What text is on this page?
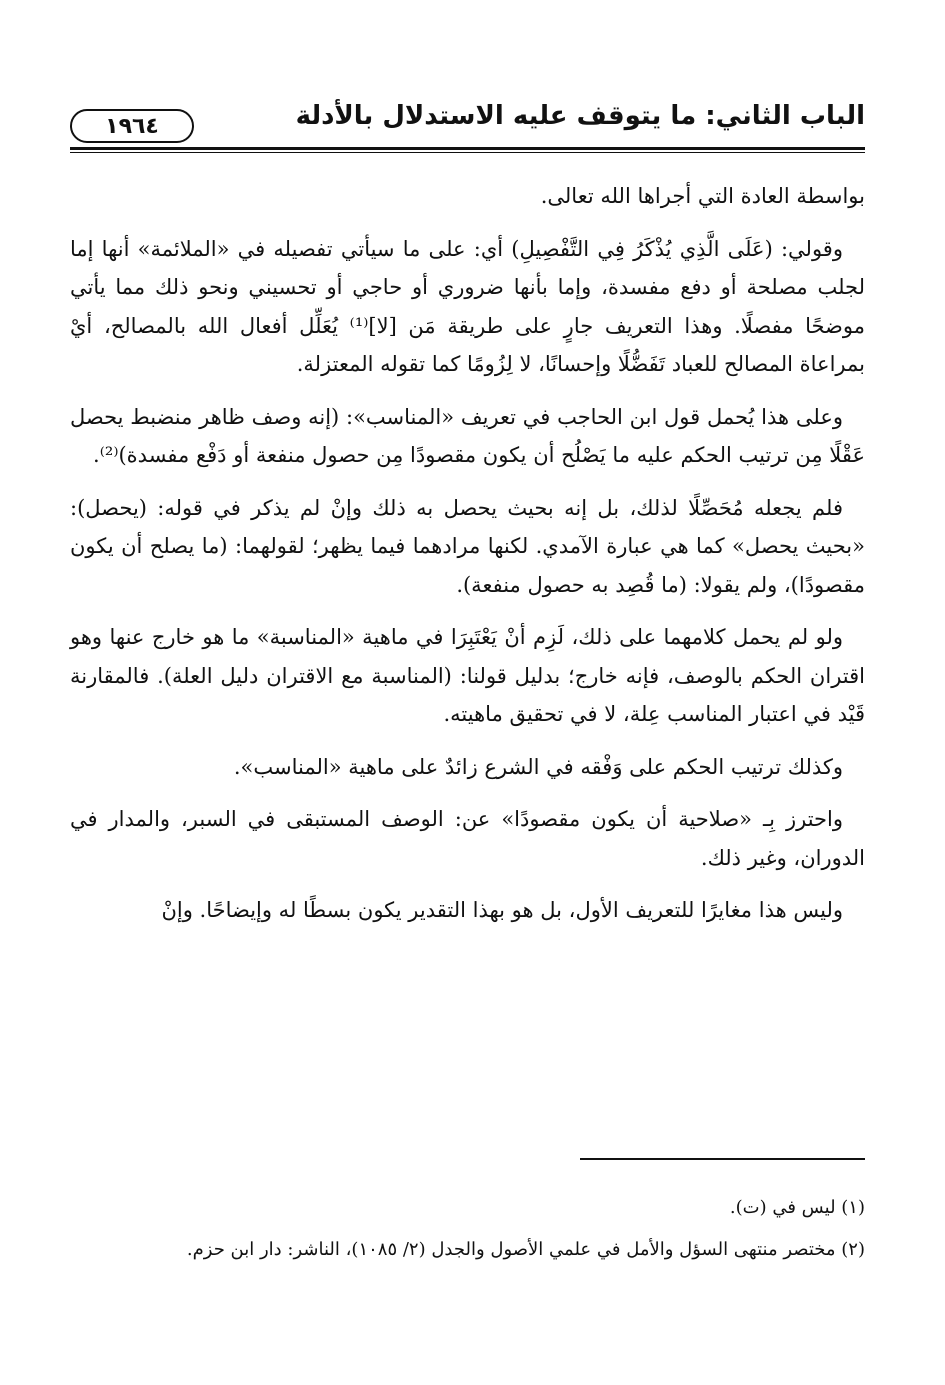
الباب الثاني: ما يتوقف عليه الاستدلال بالأدلة
١٩٦٤

بواسطة العادة التي أجراها الله تعالى.

وقولي: (عَلَى الَّذِي يُذْكَرُ فِي التَّفْصِيلِ) أي: على ما سيأتي تفصيله في «الملائمة» أنها إما لجلب مصلحة أو دفع مفسدة، وإما بأنها ضروري أو حاجي أو تحسيني ونحو ذلك مما يأتي موضحًا مفصلًا. وهذا التعريف جارٍ على طريقة مَن [لا]⁽¹⁾ يُعَلِّل أفعال الله بالمصالح، أيْ بمراعاة المصالح للعباد تَفَضُّلًا وإحسانًا، لا لِزُومًا كما تقوله المعتزلة.

وعلى هذا يُحمل قول ابن الحاجب في تعريف «المناسب»: (إنه وصف ظاهر منضبط يحصل عَقْلًا مِن ترتيب الحكم عليه ما يَصْلُح أن يكون مقصودًا مِن حصول منفعة أو دَفْع مفسدة)⁽²⁾.

فلم يجعله مُحَصِّلًا لذلك، بل إنه بحيث يحصل به ذلك وإنْ لم يذكر في قوله: (يحصل): «بحيث يحصل» كما هي عبارة الآمدي. لكنها مرادهما فيما يظهر؛ لقولهما: (ما يصلح أن يكون مقصودًا)، ولم يقولا: (ما قُصِد به حصول منفعة).

ولو لم يحمل كلامهما على ذلك، لَزِم أنْ يَعْتَبِرَا في ماهية «المناسبة» ما هو خارج عنها وهو اقتران الحكم بالوصف، فإنه خارج؛ بدليل قولنا: (المناسبة مع الاقتران دليل العلة). فالمقارنة قَيْد في اعتبار المناسب عِلة، لا في تحقيق ماهيته.

وكذلك ترتيب الحكم على وَفْقه في الشرع زائدٌ على ماهية «المناسب».

واحترز بِـ «صلاحية أن يكون مقصودًا» عن: الوصف المستبقى في السبر، والمدار في الدوران، وغير ذلك.

وليس هذا مغايرًا للتعريف الأول، بل هو بهذا التقدير يكون بسطًا له وإيضاحًا. وإنْ

(١) ليس في (ت).
(٢) مختصر منتهى السؤل والأمل في علمي الأصول والجدل (٢/ ١٠٨٥)، الناشر: دار ابن حزم.
